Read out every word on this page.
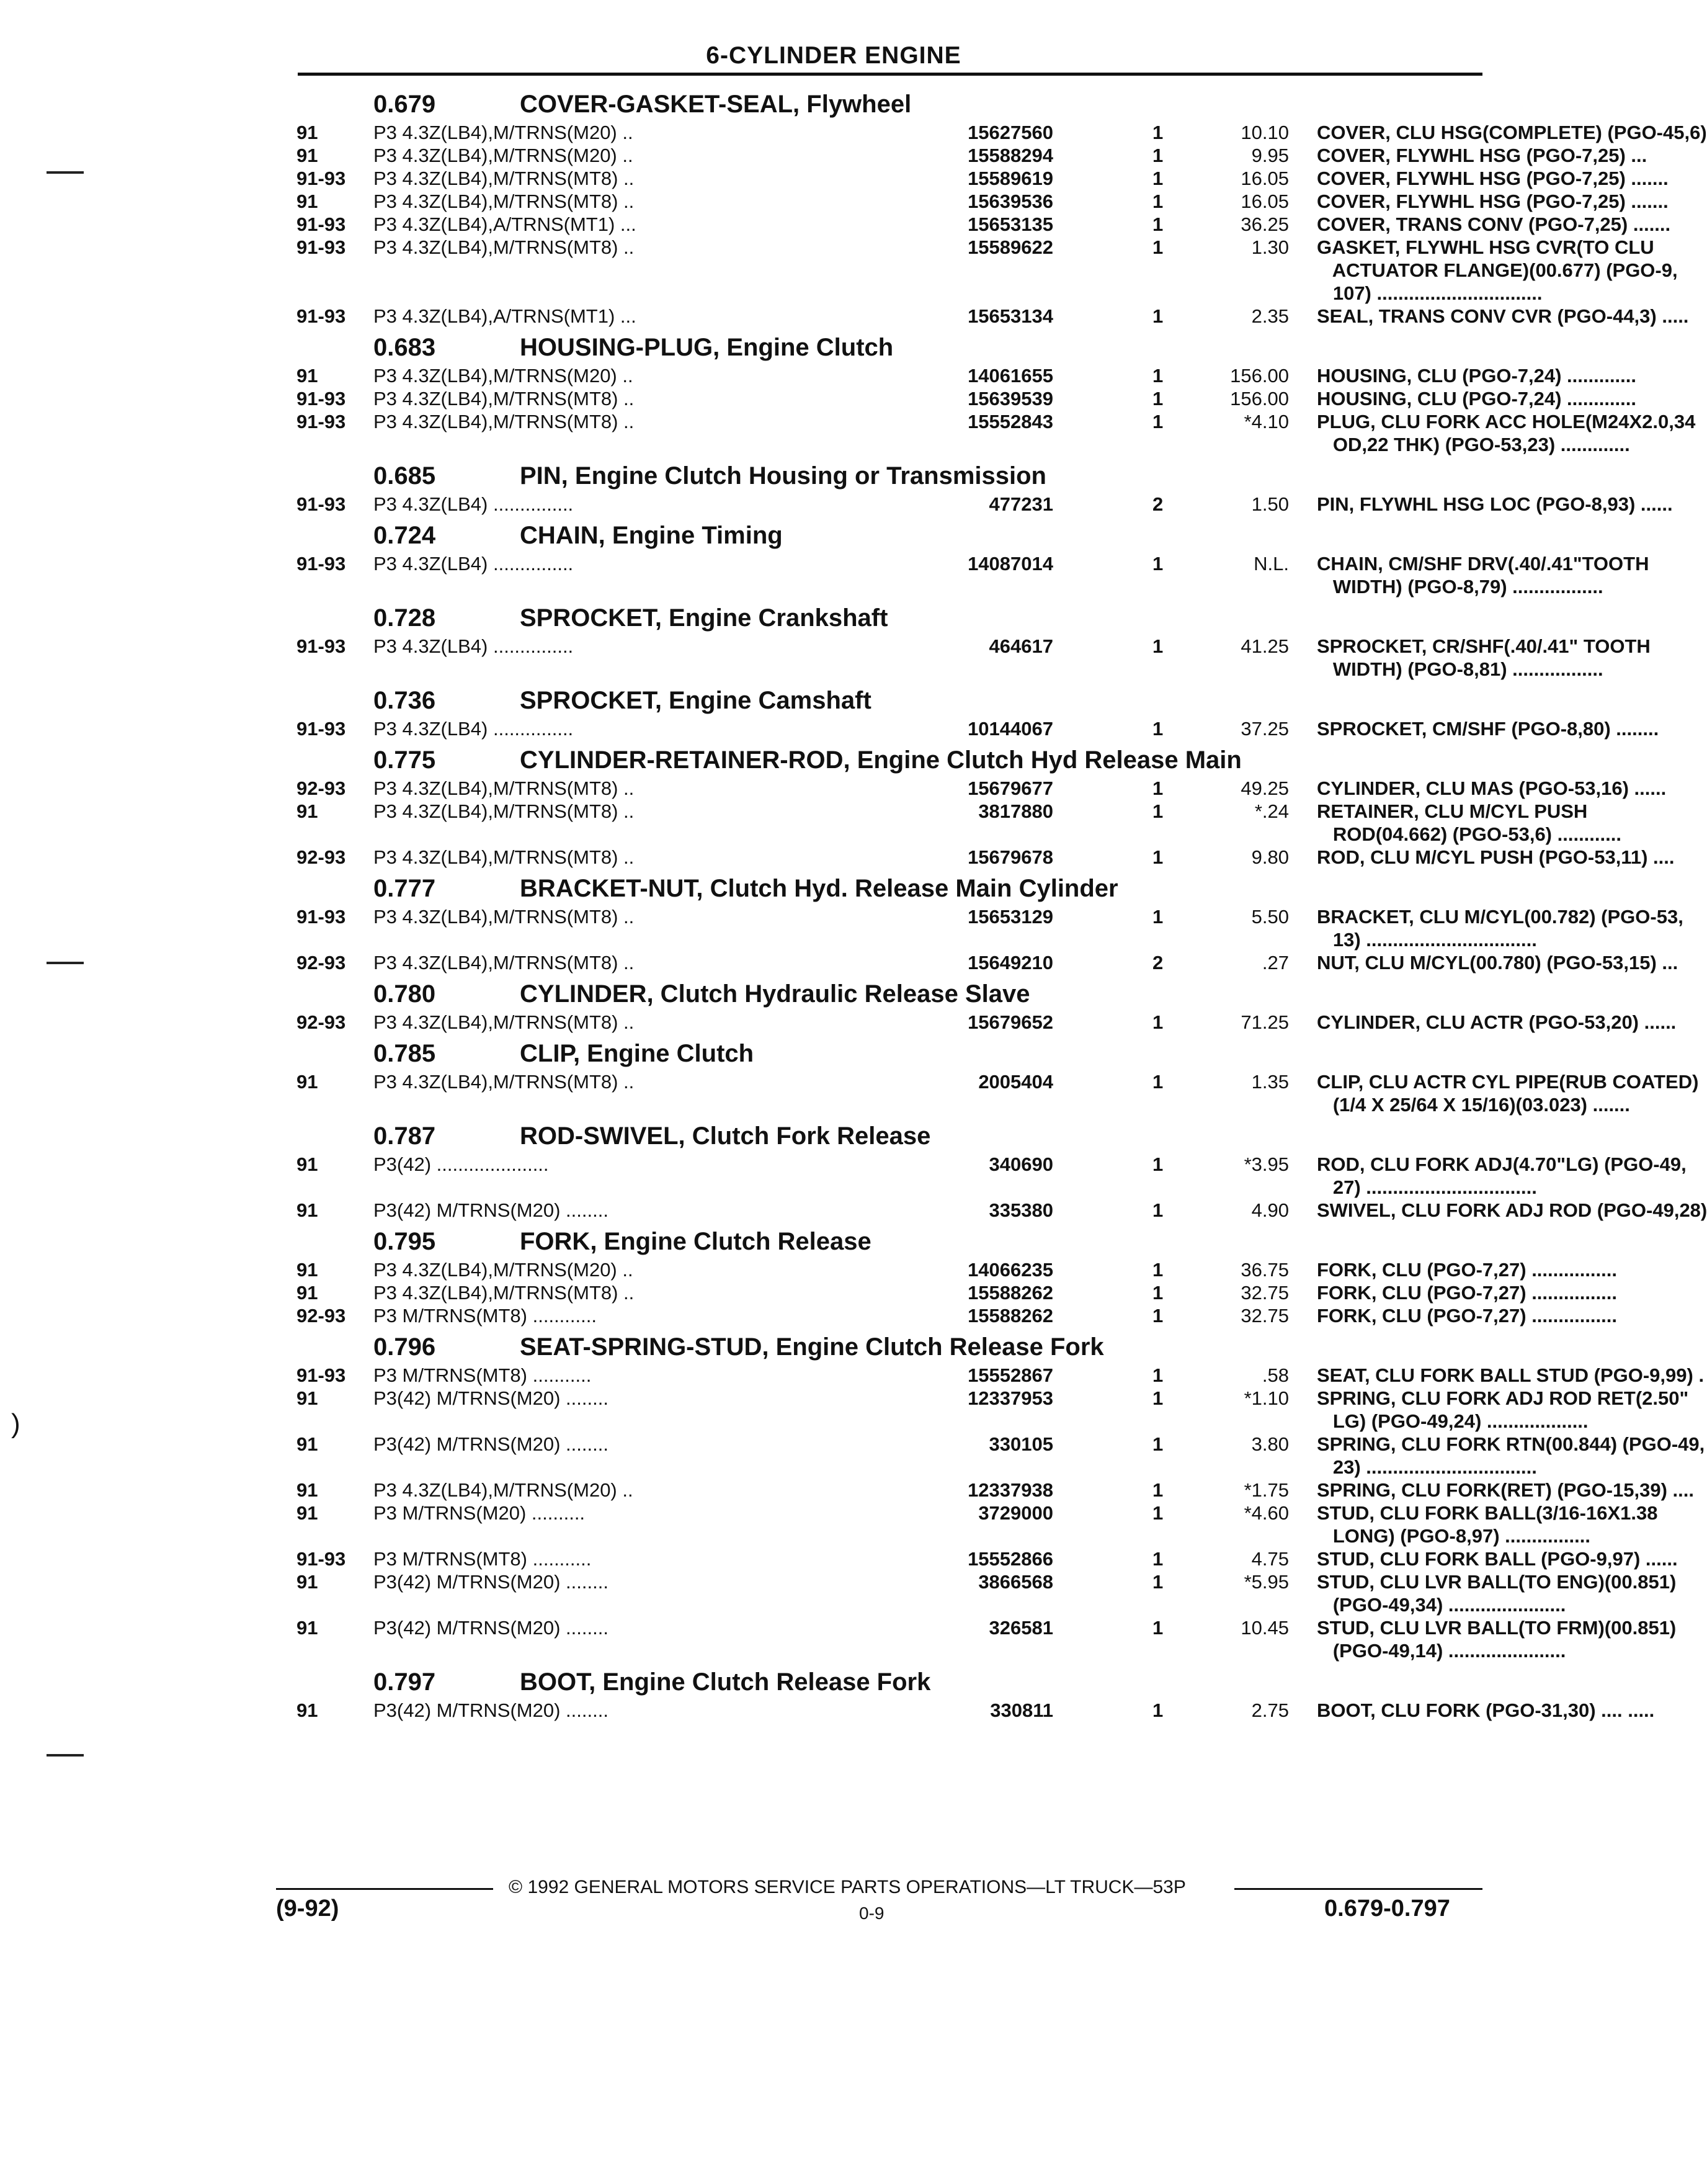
6-CYLINDER ENGINE
)
0.679	COVER-GASKET-SEAL, Flywheel
91	P3 4.3Z(LB4),M/TRNS(M20) ..	15627560	1	10.10 COVER, CLU HSG(COMPLETE) (PGO-45,6)
91	P3 4.3Z(LB4),M/TRNS(M20) ..	15588294	1	9.95 COVER, FLYWHL HSG (PGO-7,25) ...
91-93 P3 4.3Z(LB4),M/TRNS(MT8) ..	15589619	1	16.05 COVER, FLYWHL HSG (PGO-7,25) .......
91	P3 4.3Z(LB4),M/TRNS(MT8) ..	15639536	1	16.05 COVER, FLYWHL HSG (PGO-7,25) .......
91-93 P3 4.3Z(LB4),A/TRNS(MT1) ...	15653135	1	36.25 COVER, TRANS CONV (PGO-7,25) .......
91-93 P3 4.3Z(LB4),M/TRNS(MT8) ..	15589622	1	1.30 GASKET, FLYWHL HSG CVR(TO CLU
ACTUATOR FLANGE)(00.677) (PGO-9,
107) ...............................
91-93 P3 4.3Z(LB4),A/TRNS(MT1) ...	15653134	1	2.35 SEAL, TRANS CONV CVR (PGO-44,3) .....
0.683	HOUSING-PLUG, Engine Clutch
91	P3 4.3Z(LB4),M/TRNS(M20) ..	14061655	1	156.00 HOUSING, CLU (PGO-7,24) .............
91-93 P3 4.3Z(LB4),M/TRNS(MT8) ..	15639539	1	156.00 HOUSING, CLU (PGO-7,24) .............
91-93 P3 4.3Z(LB4),M/TRNS(MT8) ..	15552843	1	*4.10 PLUG, CLU FORK ACC HOLE(M24X2.0,34
OD,22 THK) (PGO-53,23) .............
0.685	PIN, Engine Clutch Housing or Transmission
91-93 P3 4.3Z(LB4) ...............	477231	2	1.50 PIN, FLYWHL HSG LOC (PGO-8,93) ......
0.724	CHAIN, Engine Timing
91-93 P3 4.3Z(LB4) ...............	14087014	1	N.L. CHAIN, CM/SHF DRV(.40/.41"TOOTH
WIDTH) (PGO-8,79) .................
0.728	SPROCKET, Engine Crankshaft
91-93 P3 4.3Z(LB4) ...............	464617	1	41.25 SPROCKET, CR/SHF(.40/.41" TOOTH
WIDTH) (PGO-8,81) .................
0.736	SPROCKET, Engine Camshaft
91-93 P3 4.3Z(LB4) ...............	10144067	1	37.25 SPROCKET, CM/SHF (PGO-8,80) ........
0.775	CYLINDER-RETAINER-ROD, Engine Clutch Hyd Release Main
92-93 P3 4.3Z(LB4),M/TRNS(MT8) ..	15679677	1	49.25 CYLINDER, CLU MAS (PGO-53,16) ......
91	P3 4.3Z(LB4),M/TRNS(MT8) ..	3817880	1	*.24 RETAINER, CLU M/CYL PUSH
ROD(04.662) (PGO-53,6) ............
92-93 P3 4.3Z(LB4),M/TRNS(MT8) ..	15679678	1	9.80 ROD, CLU M/CYL PUSH (PGO-53,11) ....
0.777	BRACKET-NUT, Clutch Hyd. Release Main Cylinder
91-93 P3 4.3Z(LB4),M/TRNS(MT8) ..	15653129	1	5.50 BRACKET, CLU M/CYL(00.782) (PGO-53,
13) ................................
92-93 P3 4.3Z(LB4),M/TRNS(MT8) ..	15649210	2	.27 NUT, CLU M/CYL(00.780) (PGO-53,15) ...
0.780	CYLINDER, Clutch Hydraulic Release Slave
92-93 P3 4.3Z(LB4),M/TRNS(MT8) ..	15679652	1	71.25 CYLINDER, CLU ACTR (PGO-53,20) ......
0.785	CLIP, Engine Clutch
91	P3 4.3Z(LB4),M/TRNS(MT8) ..	2005404	1	1.35 CLIP, CLU ACTR CYL PIPE(RUB COATED)
(1/4 X 25/64 X 15/16)(03.023) .......
0.787	ROD-SWIVEL, Clutch Fork Release
91	P3(42) .....................	340690	1	*3.95 ROD, CLU FORK ADJ(4.70"LG) (PGO-49,
27) ................................
91	P3(42) M/TRNS(M20) ........	335380	1	4.90 SWIVEL, CLU FORK ADJ ROD (PGO-49,28)
0.795	FORK, Engine Clutch Release
91	P3 4.3Z(LB4),M/TRNS(M20) ..	14066235	1	36.75 FORK, CLU (PGO-7,27) ................
91	P3 4.3Z(LB4),M/TRNS(MT8) ..	15588262	1	32.75 FORK, CLU (PGO-7,27) ................
92-93 P3 M/TRNS(MT8) ............	15588262	1	32.75 FORK, CLU (PGO-7,27) ................
0.796	SEAT-SPRING-STUD, Engine Clutch Release Fork
91-93 P3 M/TRNS(MT8) ...........	15552867	1	.58 SEAT, CLU FORK BALL STUD (PGO-9,99) .
91	P3(42) M/TRNS(M20) ........	12337953	1	*1.10 SPRING, CLU FORK ADJ ROD RET(2.50"
LG) (PGO-49,24) ...................
91	P3(42) M/TRNS(M20) ........	330105	1	3.80 SPRING, CLU FORK RTN(00.844) (PGO-49,
23) ................................
91	P3 4.3Z(LB4),M/TRNS(M20) ..	12337938	1	*1.75 SPRING, CLU FORK(RET) (PGO-15,39) ....
91	P3 M/TRNS(M20) ..........	3729000	1	*4.60 STUD, CLU FORK BALL(3/16-16X1.38
LONG) (PGO-8,97) ................
91-93 P3 M/TRNS(MT8) ...........	15552866	1	4.75 STUD, CLU FORK BALL (PGO-9,97) ......
91	P3(42) M/TRNS(M20) ........	3866568	1	*5.95 STUD, CLU LVR BALL(TO ENG)(00.851)
(PGO-49,34) ......................
91	P3(42) M/TRNS(M20) ........	326581	1	10.45 STUD, CLU LVR BALL(TO FRM)(00.851)
(PGO-49,14) ......................
0.797	BOOT, Engine Clutch Release Fork
91	P3(42) M/TRNS(M20) ........	330811	1	2.75 BOOT, CLU FORK (PGO-31,30) .... .....
© 1992 GENERAL MOTORS SERVICE PARTS OPERATIONS—LT TRUCK—53P
(9-92)	0-9	0.679-0.797
